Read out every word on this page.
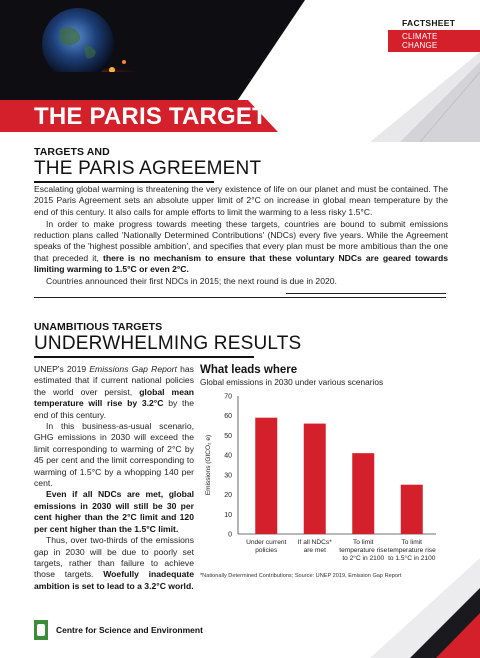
FACTSHEET
CLIMATE CHANGE
THE PARIS TARGETS
TARGETS AND
THE PARIS AGREEMENT

Escalating global warming is threatening the very existence of life on our planet and must be contained. The 2015 Paris Agreement sets an absolute upper limit of 2°C on increase in global mean temperature by the end of this century. It also calls for ample efforts to limit the warming to a less risky 1.5°C.

In order to make progress towards meeting these targets, countries are bound to submit emissions reduction plans called 'Nationally Determined Contributions' (NDCs) every five years. While the Agreement speaks of the 'highest possible ambition', and specifies that every plan must be more ambitious than the one that preceded it, there is no mechanism to ensure that these voluntary NDCs are geared towards limiting warming to 1.5°C or even 2°C.

Countries announced their first NDCs in 2015; the next round is due in 2020.

UNAMBITIOUS TARGETS
UNDERWHELMING RESULTS

UNEP's 2019 Emissions Gap Report has estimated that if current national policies the world over persist, global mean temperature will rise by 3.2°C by the end of this century.

In this business-as-usual scenario, GHG emissions in 2030 will exceed the limit corresponding to warming of 2°C by 45 per cent and the limit corresponding to warming of 1.5°C by a whopping 140 per cent.

Even if all NDCs are met, global emissions in 2030 will still be 30 per cent higher than the 2°C limit and 120 per cent higher than the 1.5°C limit.

Thus, over two-thirds of the emissions gap in 2030 will be due to poorly set targets, rather than failure to achieve those targets. Woefully inadequate ambition is set to lead to a 3.2°C world.

What leads where
Global emissions in 2030 under various scenarios
Emissions (GtCO₂ e)
0
10
20
30
40
50
60
70
Under current
policies
If all NDCs*
are met
To limit
temperature rise
to 2°C in 2100
To limit
temperature rise
to 1.5°C in 2100
*Nationally Determined Contributions; Source: UNEP 2019, Emission Gap Report
Centre for Science and Environment
